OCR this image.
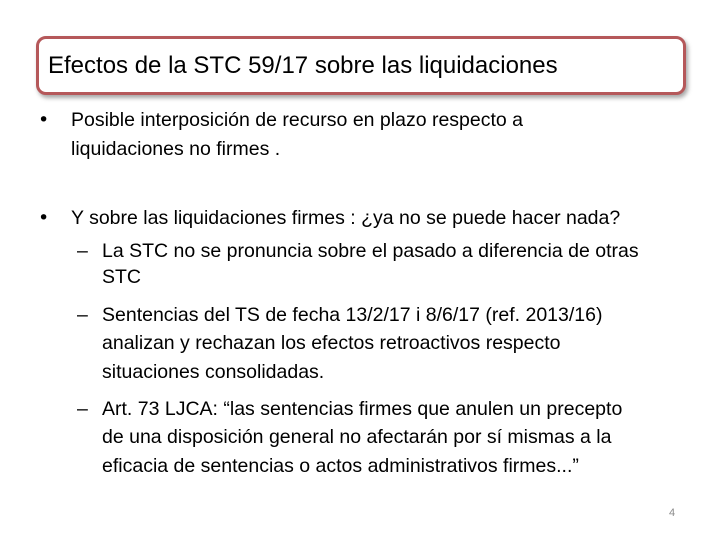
Efectos de la STC 59/17 sobre las liquidaciones
• Posible interposición de recurso en plazo respecto a
liquidaciones no firmes .
• Y sobre las liquidaciones firmes : ¿ya no se puede hacer nada?
– La STC no se pronuncia sobre el pasado a diferencia de otras
STC
– Sentencias del TS de fecha 13/2/17 i 8/6/17 (ref. 2013/16)
analizan y rechazan los efectos retroactivos respecto
situaciones consolidadas.
– Art. 73 LJCA: “las sentencias firmes que anulen un precepto
de una disposición general no afectarán por sí mismas a la
eficacia de sentencias o actos administrativos firmes...”
4
